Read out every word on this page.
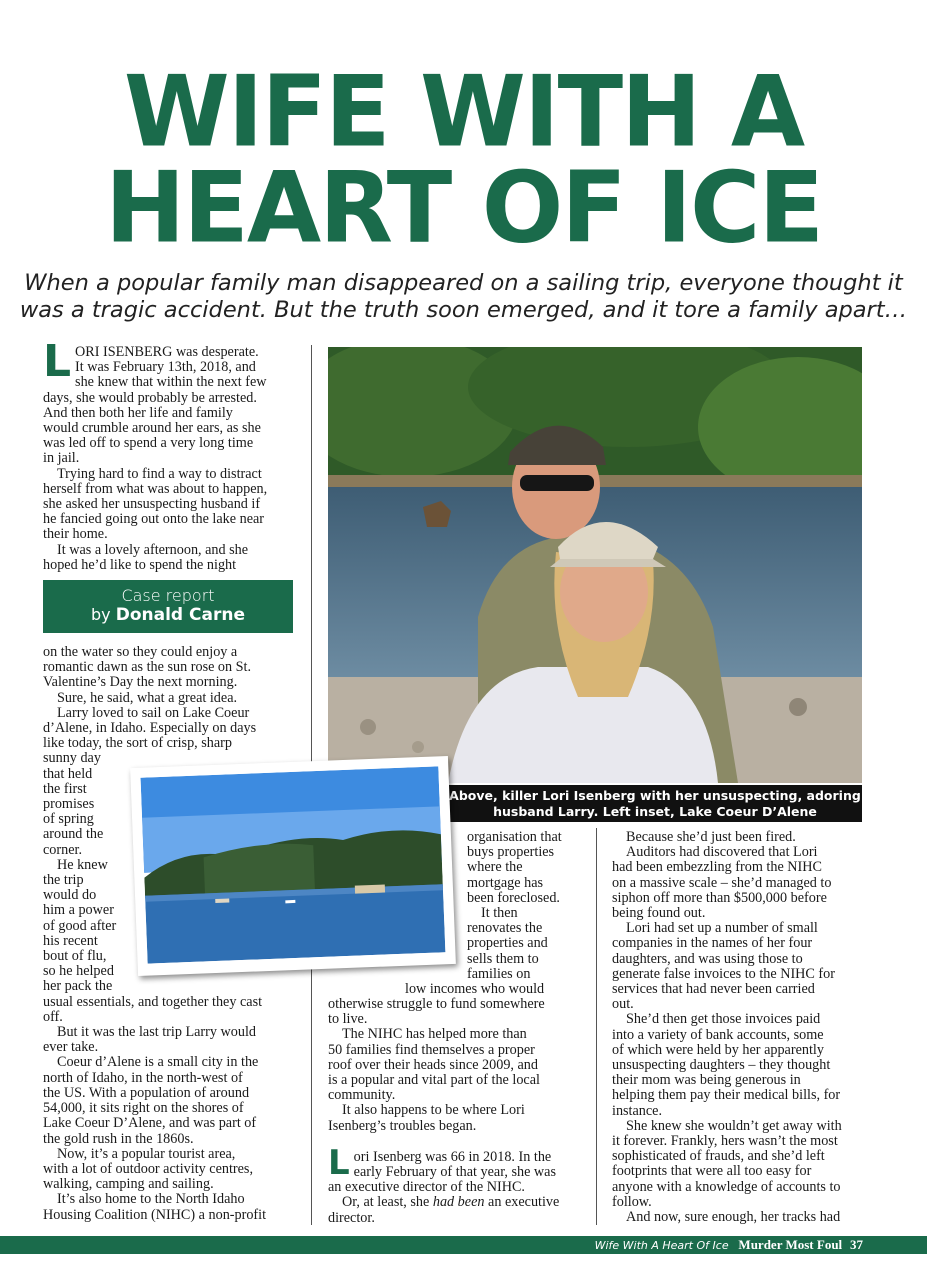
WIFE WITH A
HEART OF ICE
When a popular family man disappeared on a sailing trip, everyone thought it
was a tragic accident. But the truth soon emerged, and it tore a family apart…
L ORI ISENBERG was desperate.

It was February 13th, 2018, and

she knew that within the next few

days, she would probably be arrested.

And then both her life and family

would crumble around her ears, as she

was led off to spend a very long time

in jail.

Trying hard to find a way to distract

herself from what was about to happen,

she asked her unsuspecting husband if

he fancied going out onto the lake near

their home.

It was a lovely afternoon, and she

hoped he’d like to spend the night

Case report
by Donald Carne

on the water so they could enjoy a

romantic dawn as the sun rose on St.

Valentine’s Day the next morning.

Sure, he said, what a great idea.

Larry loved to sail on Lake Coeur

d’Alene, in Idaho. Especially on days

like today, the sort of crisp, sharp

sunny day

that held

the first

promises

of spring

around the

corner.

He knew

the trip

would do

him a power

of good after

his recent

bout of flu,

so he helped

her pack the

usual essentials, and together they cast

off.

But it was the last trip Larry would

ever take.

Coeur d’Alene is a small city in the

north of Idaho, in the north-west of

the US. With a population of around

54,000, it sits right on the shores of

Lake Coeur D’Alene, and was part of

the gold rush in the 1860s.

Now, it’s a popular tourist area,

with a lot of outdoor activity centres,

walking, camping and sailing.

It’s also home to the North Idaho

Housing Coalition (NIHC) a non-profit

Above, killer Lori Isenberg with her unsuspecting, adoring
husband Larry. Left inset, Lake Coeur D’Alene

organisation that

buys properties

where the

mortgage has

been foreclosed.

It then

renovates the

properties and

sells them to

families on

low incomes who would

otherwise struggle to fund somewhere

to live.

The NIHC has helped more than

50 families find themselves a proper

roof over their heads since 2009, and

is a popular and vital part of the local

community.

It also happens to be where Lori

Isenberg’s troubles began.

L ori Isenberg was 66 in 2018. In the

early February of that year, she was

an executive director of the NIHC.

Or, at least, she had been an executive

director.

Because she’d just been fired.

Auditors had discovered that Lori

had been embezzling from the NIHC

on a massive scale – she’d managed to

siphon off more than $500,000 before

being found out.

Lori had set up a number of small

companies in the names of her four

daughters, and was using those to

generate false invoices to the NIHC for

services that had never been carried

out.

She’d then get those invoices paid

into a variety of bank accounts, some

of which were held by her apparently

unsuspecting daughters – they thought

their mom was being generous in

helping them pay their medical bills, for

instance.

She knew she wouldn’t get away with

it forever. Frankly, hers wasn’t the most

sophisticated of frauds, and she’d left

footprints that were all too easy for

anyone with a knowledge of accounts to

follow.

And now, sure enough, her tracks had

Wife With A Heart Of Ice Murder Most Foul 37
